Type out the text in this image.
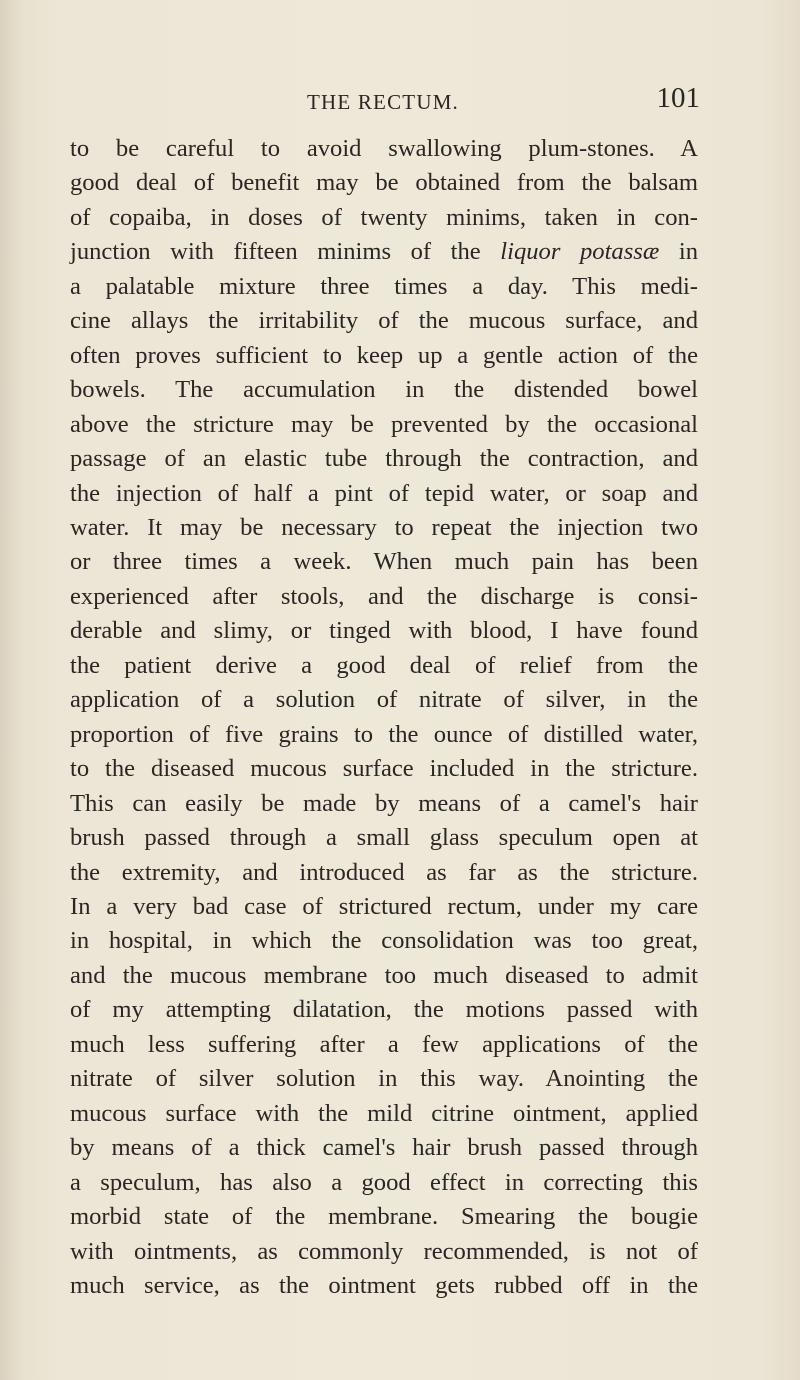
THE RECTUM.	101
to be careful to avoid swallowing plum-stones. A
good deal of benefit may be obtained from the balsam
of copaiba, in doses of twenty minims, taken in con-
junction with fifteen minims of the liquor potassæ in
a palatable mixture three times a day. This medi-
cine allays the irritability of the mucous surface, and
often proves sufficient to keep up a gentle action of the
bowels. The accumulation in the distended bowel
above the stricture may be prevented by the occasional
passage of an elastic tube through the contraction, and
the injection of half a pint of tepid water, or soap and
water. It may be necessary to repeat the injection two
or three times a week. When much pain has been
experienced after stools, and the discharge is consi-
derable and slimy, or tinged with blood, I have found
the patient derive a good deal of relief from the
application of a solution of nitrate of silver, in the
proportion of five grains to the ounce of distilled water,
to the diseased mucous surface included in the stricture.
This can easily be made by means of a camel's hair
brush passed through a small glass speculum open at
the extremity, and introduced as far as the stricture.
In a very bad case of strictured rectum, under my care
in hospital, in which the consolidation was too great,
and the mucous membrane too much diseased to admit
of my attempting dilatation, the motions passed with
much less suffering after a few applications of the
nitrate of silver solution in this way. Anointing the
mucous surface with the mild citrine ointment, applied
by means of a thick camel's hair brush passed through
a speculum, has also a good effect in correcting this
morbid state of the membrane. Smearing the bougie
with ointments, as commonly recommended, is not of
much service, as the ointment gets rubbed off in the
